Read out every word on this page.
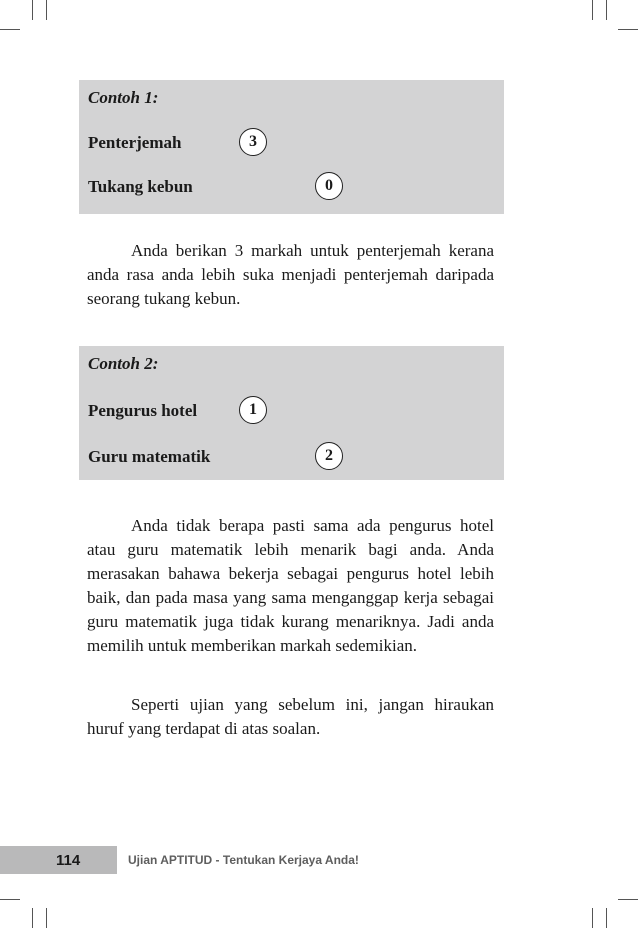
Contoh 1:
Penterjemah	3
Tukang kebun	0

Anda berikan 3 markah untuk penterjemah kerana anda rasa anda lebih suka menjadi penterjemah daripada seorang tukang kebun.

Contoh 2:
Pengurus hotel	1
Guru matematik	2

Anda tidak berapa pasti sama ada pengurus hotel atau guru matematik lebih menarik bagi anda. Anda merasakan bahawa bekerja sebagai pengurus hotel lebih baik, dan pada masa yang sama menganggap kerja sebagai guru matematik juga tidak kurang menariknya. Jadi anda memilih untuk memberikan markah sedemikian.

Seperti ujian yang sebelum ini, jangan hiraukan huruf yang terdapat di atas soalan.

114	Ujian APTITUD - Tentukan Kerjaya Anda!
